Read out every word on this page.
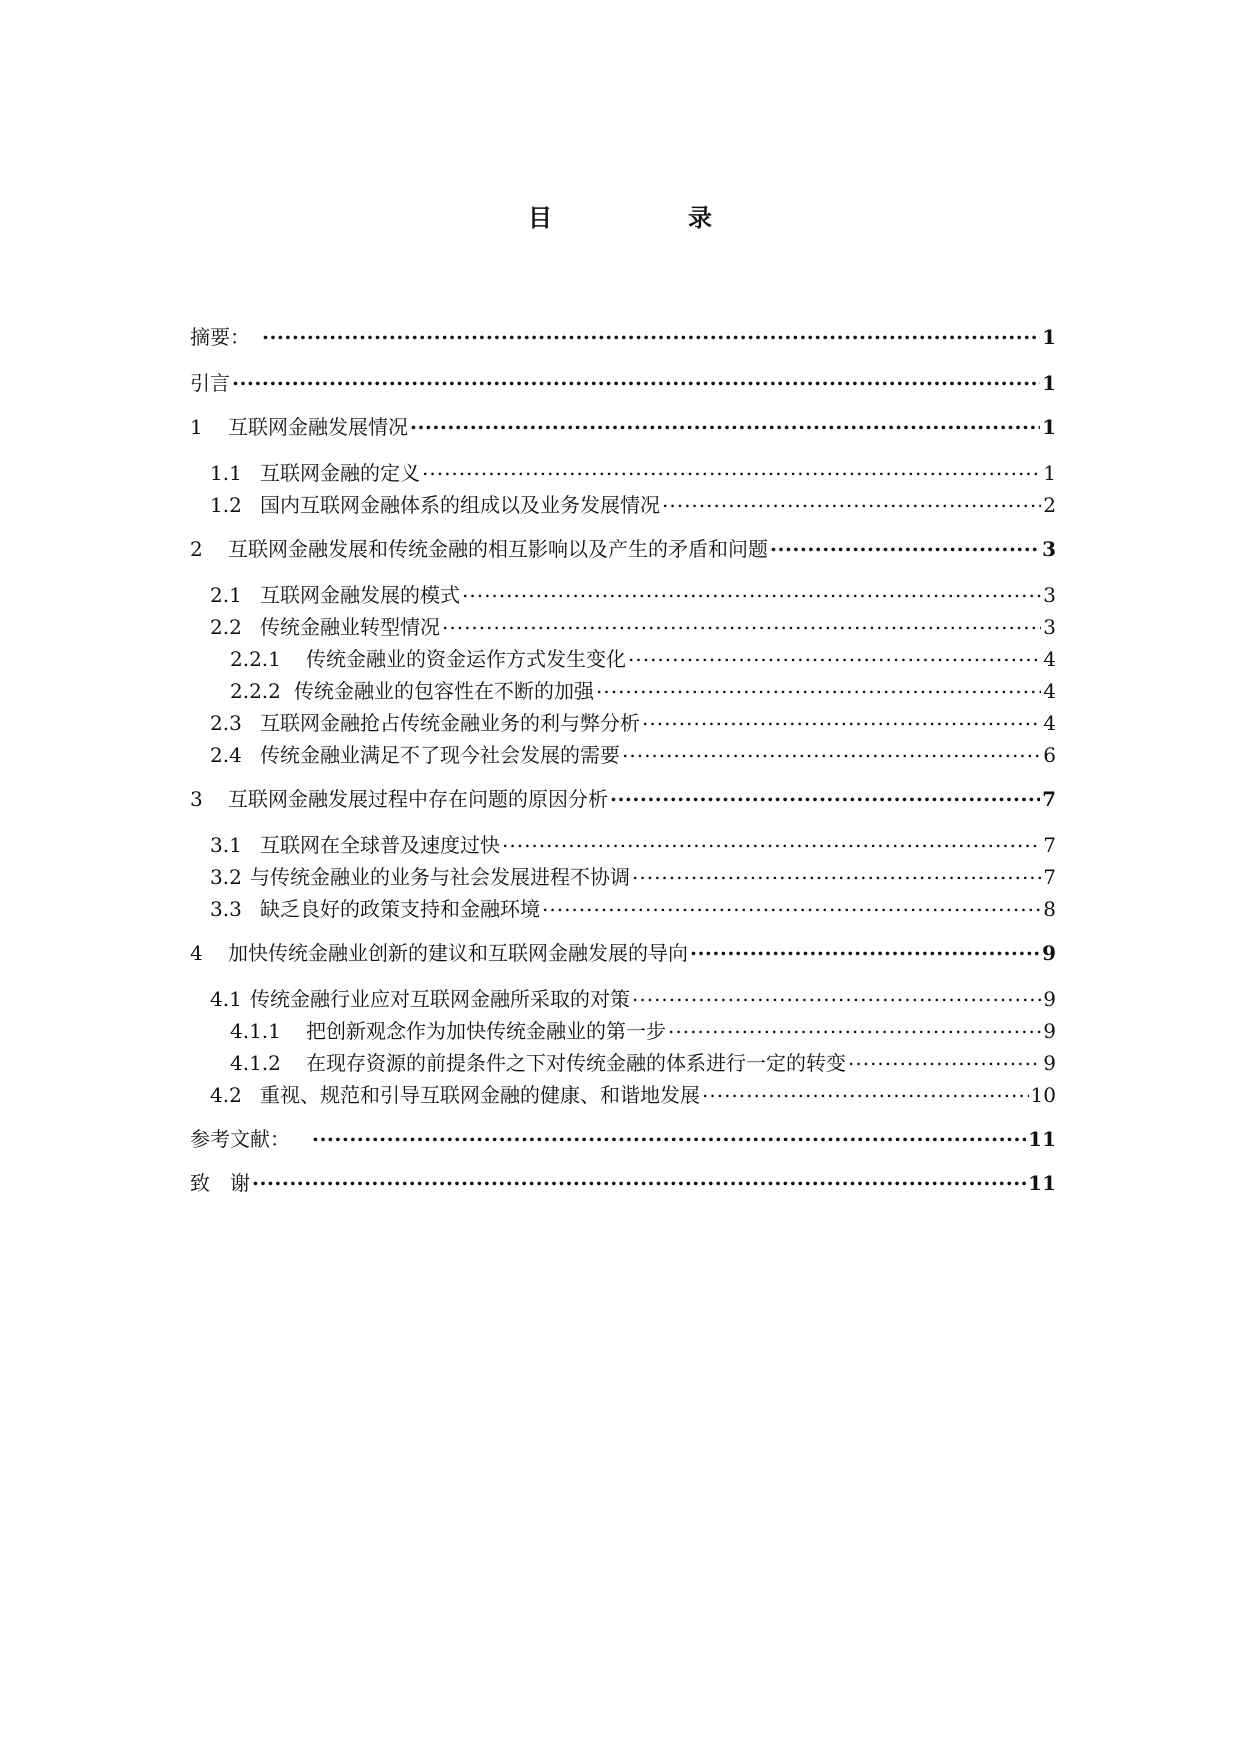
目	录
摘要： .....	1
引言 .....	1
1	互联网金融发展情况 .....	1
1.1 互联网金融的定义 .....	1
1.2 国内互联网金融体系的组成以及业务发展情况 .....	2
2	互联网金融发展和传统金融的相互影响以及产生的矛盾和问题 .....	3
2.1 互联网金融发展的模式 .....	3
2.2 传统金融业转型情况 .....	3
2.2.1	传统金融业的资金运作方式发生变化 .....	4
2.2.2 传统金融业的包容性在不断的加强 .....	4
2.3 互联网金融抢占传统金融业务的利与弊分析 .....	4
2.4 传统金融业满足不了现今社会发展的需要 .....	6
3	互联网金融发展过程中存在问题的原因分析 .....	7
3.1 互联网在全球普及速度过快 .....	7
3.2 与传统金融业的业务与社会发展进程不协调 .....	7
3.3 缺乏良好的政策支持和金融环境 .....	8
4	加快传统金融业创新的建议和互联网金融发展的导向 .....	9
4.1 传统金融行业应对互联网金融所采取的对策 .....	9
4.1.1	把创新观念作为加快传统金融业的第一步 .....	9
4.1.2	在现存资源的前提条件之下对传统金融的体系进行一定的转变 .....	9
4.2 重视、规范和引导互联网金融的健康、和谐地发展 .....	10
参考文献： .....	11
致　谢 .....	11
